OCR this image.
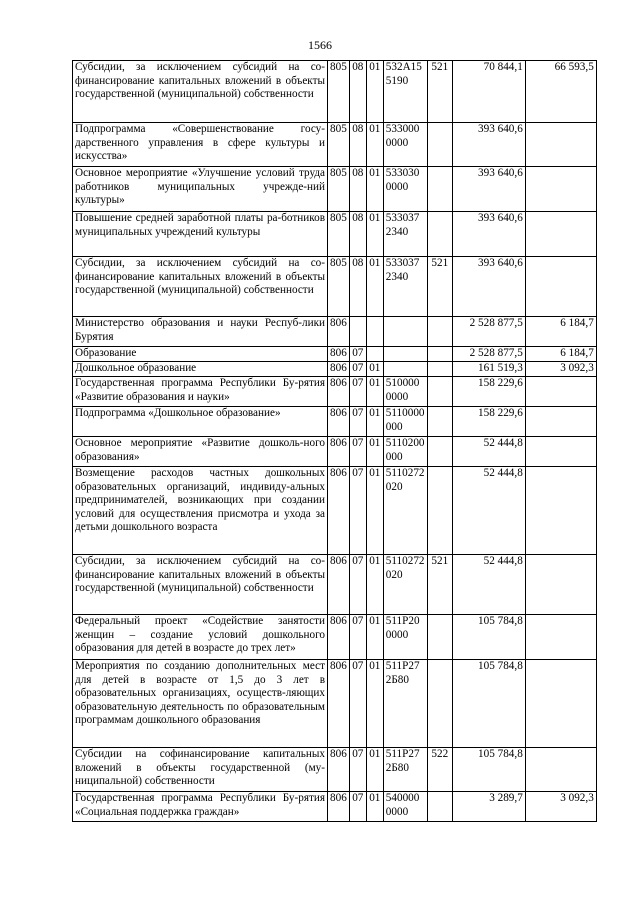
1566
Субсидии, за исключением субсидий на со-финансирование капитальных вложений в объекты государственной (муниципальной) собственности	805	08	01	532A155190	521	70 844,1	66 593,5
Подпрограмма «Совершенствование госу-дарственного управления в сфере культуры и искусства»	805	08	01	5330000000		393 640,6	
Основное мероприятие «Улучшение условий труда работников муниципальных учрежде-ний культуры»	805	08	01	5330300000		393 640,6	
Повышение средней заработной платы ра-ботников муниципальных учреждений культуры	805	08	01	5330372340		393 640,6	
Субсидии, за исключением субсидий на со-финансирование капитальных вложений в объекты государственной (муниципальной) собственности	805	08	01	5330372340	521	393 640,6	
Министерство образования и науки Респуб-лики Бурятия	806					2 528 877,5	6 184,7
Образование	806	07				2 528 877,5	6 184,7
Дошкольное образование	806	07	01			161 519,3	3 092,3
Государственная программа Республики Бу-рятия «Развитие образования и науки»	806	07	01	5100000000		158 229,6	
Подпрограмма «Дошкольное образование»	806	07	01	5110000000		158 229,6	
Основное мероприятие «Развитие дошколь-ного образования»	806	07	01	5110200000		52 444,8	
Возмещение расходов частных дошкольных образовательных организаций, индивиду-альных предпринимателей, возникающих при создании условий для осуществления присмотра и ухода за детьми дошкольного возраста	806	07	01	5110272020		52 444,8	
Субсидии, за исключением субсидий на со-финансирование капитальных вложений в объекты государственной (муниципальной) собственности	806	07	01	5110272020	521	52 444,8	
Федеральный проект «Содействие занятости женщин – создание условий дошкольного образования для детей в возрасте до трех лет»	806	07	01	511P200000		105 784,8	
Мероприятия по созданию дополнительных мест для детей в возрасте от 1,5 до 3 лет в образовательных организациях, осуществ-ляющих образовательную деятельность по образовательным программам дошкольного образования	806	07	01	511P272Б80		105 784,8	
Субсидии на софинансирование капитальных вложений в объекты государственной (му-ниципальной) собственности	806	07	01	511P272Б80	522	105 784,8	
Государственная программа Республики Бу-рятия «Социальная поддержка граждан»	806	07	01	5400000000		3 289,7	3 092,3
